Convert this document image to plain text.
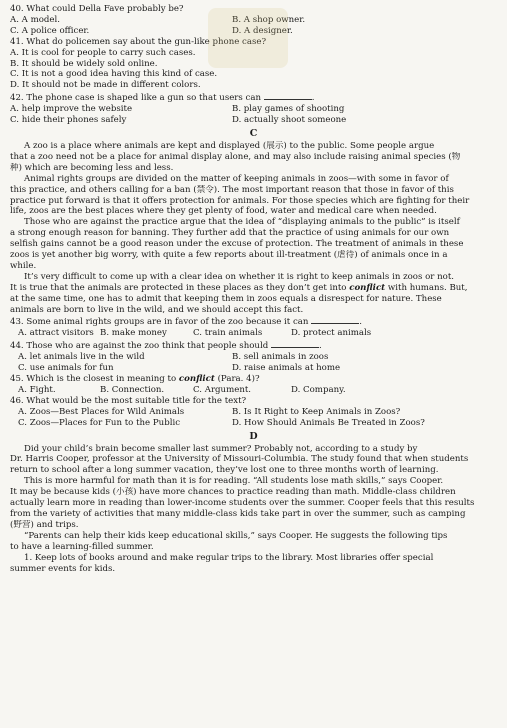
40. What could Della Fave probably be?
A. A model.	B. A shop owner.
C. A police officer.	D. A designer.
41. What do policemen say about the gun-like phone case?
A. It is cool for people to carry such cases.
B. It should be widely sold online.
C. It is not a good idea having this kind of case.
D. It should not be made in different colors.
42. The phone case is shaped like a gun so that users can	.
A. help improve the website	B. play games of shooting
C. hide their phones safely	D. actually shoot someone
C
A zoo is a place where animals are kept and displayed (展示) to the public. Some people argue
that a zoo need not be a place for animal display alone, and may also include raising animal species (物
种) which are becoming less and less.
Animal rights groups are divided on the matter of keeping animals in zoos—with some in favor of
this practice, and others calling for a ban (禁令). The most important reason that those in favor of this
practice put forward is that it offers protection for animals. For those species which are fighting for their
life, zoos are the best places where they get plenty of food, water and medical care when needed.
Those who are against the practice argue that the idea of “displaying animals to the public” is itself
a strong enough reason for banning. They further add that the practice of using animals for our own
selfish gains cannot be a good reason under the excuse of protection. The treatment of animals in these
zoos is yet another big worry, with quite a few reports about ill-treatment (虐待) of animals once in a
while.
It’s very difficult to come up with a clear idea on whether it is right to keep animals in zoos or not.
It is true that the animals are protected in these places as they don’t get into conflict with humans. But,
at the same time, one has to admit that keeping them in zoos equals a disrespect for nature. These
animals are born to live in the wild, and we should accept this fact.
43. Some animal rights groups are in favor of the zoo because it can	.
A. attract visitors B. make money	C. train animals	D. protect animals
44. Those who are against the zoo think that people should	.
A. let animals live in the wild	B. sell animals in zoos
C. use animals for fun	D. raise animals at home
45. Which is the closest in meaning to conflict (Para. 4)?
A. Fight.	B. Connection.	C. Argument.	D. Company.
46. What would be the most suitable title for the text?
A. Zoos—Best Places for Wild Animals	B. Is It Right to Keep Animals in Zoos?
C. Zoos—Places for Fun to the Public	D. How Should Animals Be Treated in Zoos?
D
Did your child’s brain become smaller last summer? Probably not, according to a study by
Dr. Harris Cooper, professor at the University of Missouri-Columbia. The study found that when students
return to school after a long summer vacation, they’ve lost one to three months worth of learning.
This is more harmful for math than it is for reading. “All students lose math skills,” says Cooper.
It may be because kids (小孩) have more chances to practice reading than math. Middle-class children
actually learn more in reading than lower-income students over the summer. Cooper feels that this results
from the variety of activities that many middle-class kids take part in over the summer, such as camping
(野营) and trips.
“Parents can help their kids keep educational skills,” says Cooper. He suggests the following tips
to have a learning-filled summer.
1. Keep lots of books around and make regular trips to the library. Most libraries offer special
summer events for kids.
